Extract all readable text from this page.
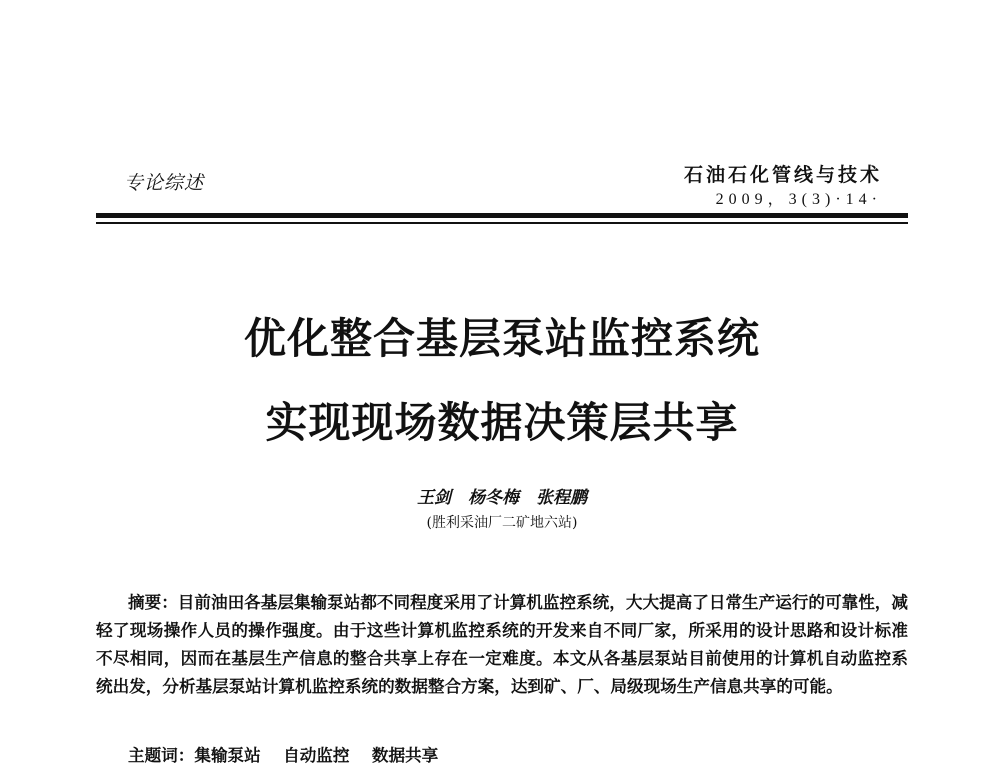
专论综述	石油石化管线与技术
2009，3(3)·14·
优化整合基层泵站监控系统
实现现场数据决策层共享
王剑　杨冬梅　张程鹏
(胜利采油厂二矿地六站)

摘要：目前油田各基层集输泵站都不同程度采用了计算机监控系统，大大提高了日常生产运行的可靠性，减轻了现场操作人员的操作强度。由于这些计算机监控系统的开发来自不同厂家，所采用的设计思路和设计标准不尽相同，因而在基层生产信息的整合共享上存在一定难度。本文从各基层泵站目前使用的计算机自动监控系统出发，分析基层泵站计算机监控系统的数据整合方案，达到矿、厂、局级现场生产信息共享的可能。

主题词：集输泵站　 自动监控　 数据共享
